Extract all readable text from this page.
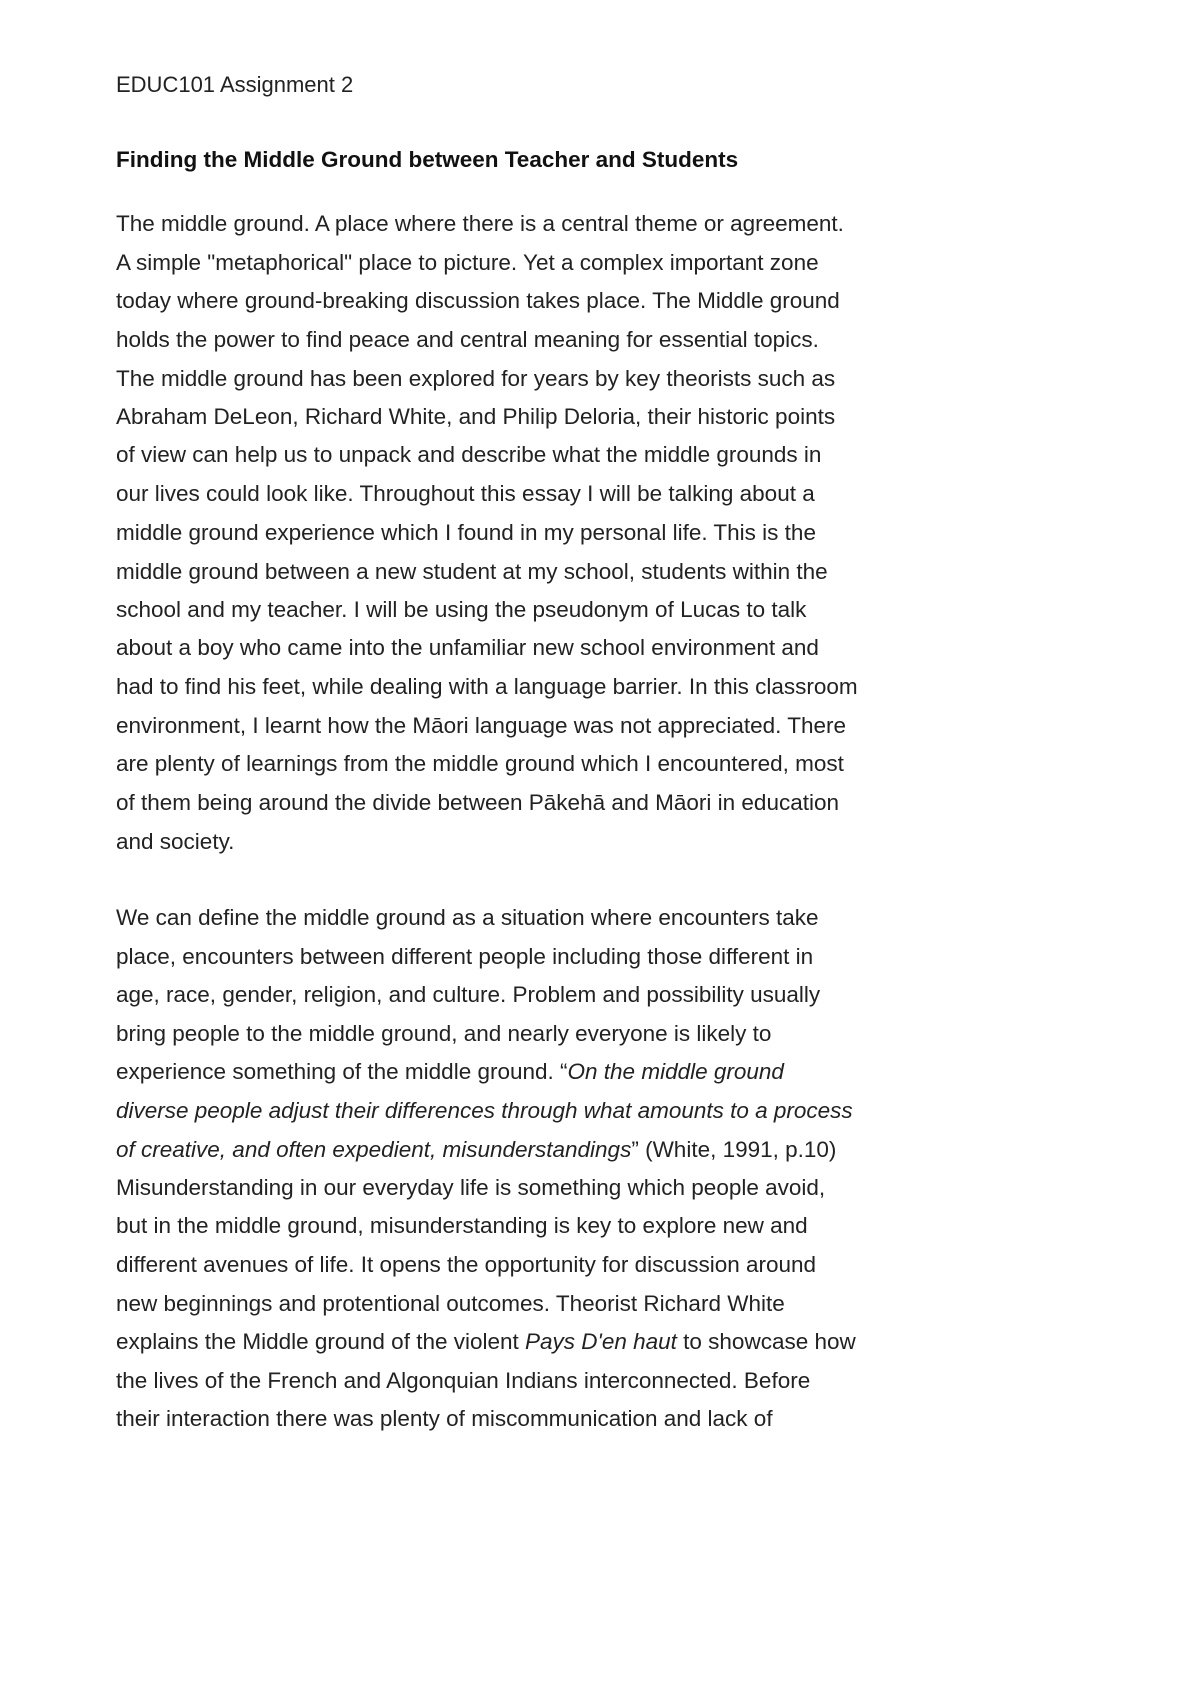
EDUC101 Assignment 2
Finding the Middle Ground between Teacher and Students
The middle ground. A place where there is a central theme or agreement.
A simple "metaphorical" place to picture. Yet a complex important zone
today where ground-breaking discussion takes place. The Middle ground
holds the power to find peace and central meaning for essential topics.
The middle ground has been explored for years by key theorists such as
Abraham DeLeon, Richard White, and Philip Deloria, their historic points
of view can help us to unpack and describe what the middle grounds in
our lives could look like. Throughout this essay I will be talking about a
middle ground experience which I found in my personal life. This is the
middle ground between a new student at my school, students within the
school and my teacher. I will be using the pseudonym of Lucas to talk
about a boy who came into the unfamiliar new school environment and
had to find his feet, while dealing with a language barrier. In this classroom
environment, I learnt how the Māori language was not appreciated. There
are plenty of learnings from the middle ground which I encountered, most
of them being around the divide between Pākehā and Māori in education
and society.
We can define the middle ground as a situation where encounters take
place, encounters between different people including those different in
age, race, gender, religion, and culture. Problem and possibility usually
bring people to the middle ground, and nearly everyone is likely to
experience something of the middle ground. “On the middle ground
diverse people adjust their differences through what amounts to a process
of creative, and often expedient, misunderstandings” (White, 1991, p.10)
Misunderstanding in our everyday life is something which people avoid,
but in the middle ground, misunderstanding is key to explore new and
different avenues of life. It opens the opportunity for discussion around
new beginnings and protentional outcomes. Theorist Richard White
explains the Middle ground of the violent Pays D'en haut to showcase how
the lives of the French and Algonquian Indians interconnected. Before
their interaction there was plenty of miscommunication and lack of
